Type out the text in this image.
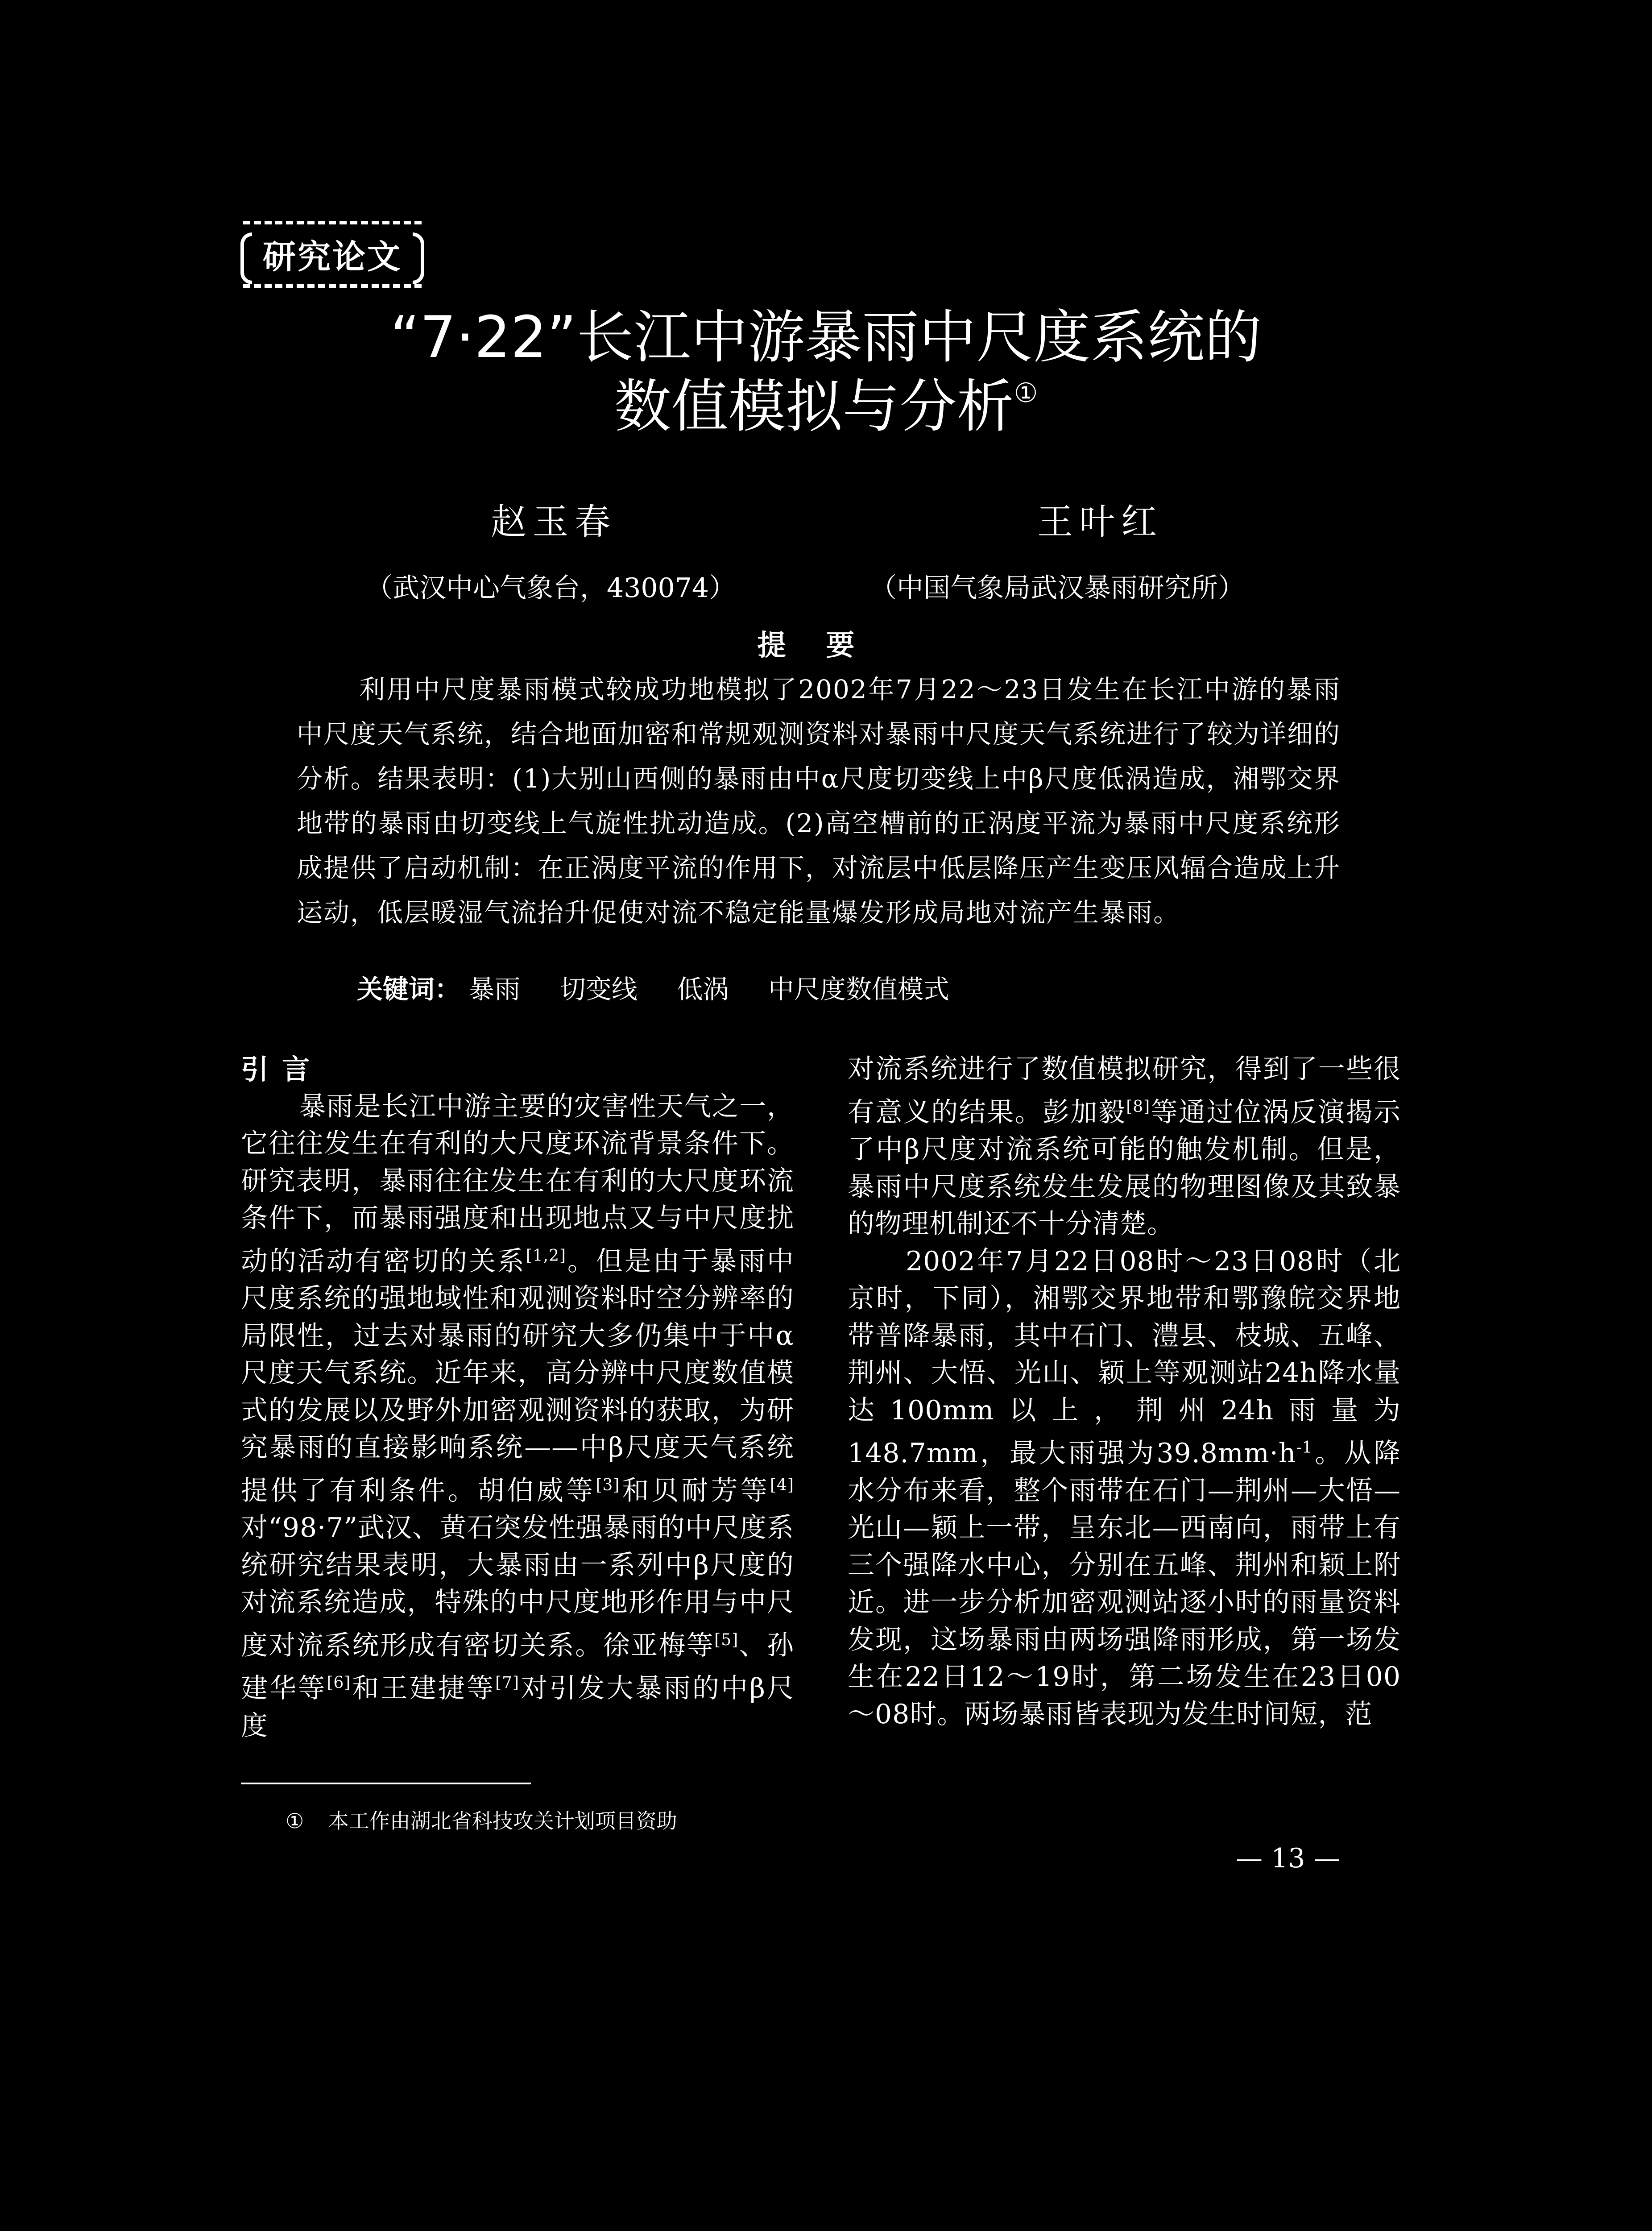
研究论文
“7·22”长江中游暴雨中尺度系统的
数值模拟与分析①
赵玉春	王叶红
（武汉中心气象台，430074）	（中国气象局武汉暴雨研究所）
提要
利用中尺度暴雨模式较成功地模拟了2002年7月22～23日发生在长江中游的暴雨中尺度天气系统，结合地面加密和常规观测资料对暴雨中尺度天气系统进行了较为详细的分析。结果表明：(1)大别山西侧的暴雨由中α尺度切变线上中β尺度低涡造成，湘鄂交界地带的暴雨由切变线上气旋性扰动造成。(2)高空槽前的正涡度平流为暴雨中尺度系统形成提供了启动机制：在正涡度平流的作用下，对流层中低层降压产生变压风辐合造成上升运动，低层暖湿气流抬升促使对流不稳定能量爆发形成局地对流产生暴雨。
关键词： 暴雨 切变线 低涡 中尺度数值模式

引言

暴雨是长江中游主要的灾害性天气之一，它往往发生在有利的大尺度环流背景条件下。研究表明，暴雨往往发生在有利的大尺度环流条件下，而暴雨强度和出现地点又与中尺度扰动的活动有密切的关系[1,2]。但是由于暴雨中尺度系统的强地域性和观测资料时空分辨率的局限性，过去对暴雨的研究大多仍集中于中α尺度天气系统。近年来，高分辨中尺度数值模式的发展以及野外加密观测资料的获取，为研究暴雨的直接影响系统——中β尺度天气系统提供了有利条件。胡伯威等[3]和贝耐芳等[4]对“98·7”武汉、黄石突发性强暴雨的中尺度系统研究结果表明，大暴雨由一系列中β尺度的对流系统造成，特殊的中尺度地形作用与中尺度对流系统形成有密切关系。徐亚梅等[5]、孙建华等[6]和王建捷等[7]对引发大暴雨的中β尺度

对流系统进行了数值模拟研究，得到了一些很有意义的结果。彭加毅[8]等通过位涡反演揭示了中β尺度对流系统可能的触发机制。但是，暴雨中尺度系统发生发展的物理图像及其致暴的物理机制还不十分清楚。

2002年7月22日08时～23日08时（北京时，下同），湘鄂交界地带和鄂豫皖交界地带普降暴雨，其中石门、澧县、枝城、五峰、荆州、大悟、光山、颖上等观测站24h降水量达100mm以上，荆州24h雨量为148.7mm，最大雨强为$39.8mm\cdot h^{-1}$。从降水分布来看，整个雨带在石门—荆州—大悟—光山—颖上一带，呈东北—西南向，雨带上有三个强降水中心，分别在五峰、荆州和颖上附近。进一步分析加密观测站逐小时的雨量资料发现，这场暴雨由两场强降雨形成，第一场发生在22日12～19时，第二场发生在23日00～08时。两场暴雨皆表现为发生时间短，范

① 本工作由湖北省科技攻关计划项目资助
— 13 —
